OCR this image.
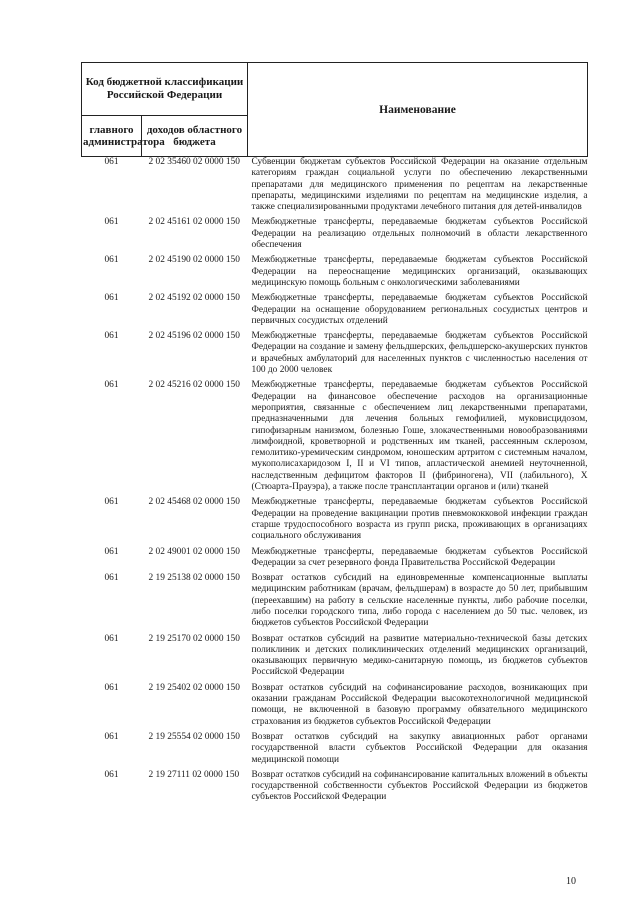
Код бюджетной классификации Российской Федерации		Наименование
главного администратора	доходов областного бюджета	
061	2 02 35460 02 0000 150	Субвенции бюджетам субъектов Российской Федерации на оказание отдельным категориям граждан социальной услуги по обеспечению лекарственными препаратами для медицинского применения по рецептам на лекарственные препараты, медицинскими изделиями по рецептам на медицинские изделия, а также специализированными продуктами лечебного питания для детей-инвалидов
061	2 02 45161 02 0000 150	Межбюджетные трансферты, передаваемые бюджетам субъектов Российской Федерации на реализацию отдельных полномочий в области лекарственного обеспечения
061	2 02 45190 02 0000 150	Межбюджетные трансферты, передаваемые бюджетам субъектов Российской Федерации на переоснащение медицинских организаций, оказывающих медицинскую помощь больным с онкологическими заболеваниями
061	2 02 45192 02 0000 150	Межбюджетные трансферты, передаваемые бюджетам субъектов Российской Федерации на оснащение оборудованием региональных сосудистых центров и первичных сосудистых отделений
061	2 02 45196 02 0000 150	Межбюджетные трансферты, передаваемые бюджетам субъектов Российской Федерации на создание и замену фельдшерских, фельдшерско-акушерских пунктов и врачебных амбулаторий для населенных пунктов с численностью населения от 100 до 2000 человек
061	2 02 45216 02 0000 150	Межбюджетные трансферты, передаваемые бюджетам субъектов Российской Федерации на финансовое обеспечение расходов на организационные мероприятия, связанные с обеспечением лиц лекарственными препаратами, предназначенными для лечения больных гемофилией, муковисцидозом, гипофизарным нанизмом, болезнью Гоше, злокачественными новообразованиями лимфоидной, кроветворной и родственных им тканей, рассеянным склерозом, гемолитико-уремическим синдромом, юношеским артритом с системным началом, мукополисахаридозом I, II и VI типов, апластической анемией неуточненной, наследственным дефицитом факторов II (фибриногена), VII (лабильного), X (Стюарта-Прауэра), а также после трансплантации органов и (или) тканей
061	2 02 45468 02 0000 150	Межбюджетные трансферты, передаваемые бюджетам субъектов Российской Федерации на проведение вакцинации против пневмококковой инфекции граждан старше трудоспособного возраста из групп риска, проживающих в организациях социального обслуживания
061	2 02 49001 02 0000 150	Межбюджетные трансферты, передаваемые бюджетам субъектов Российской Федерации за счет резервного фонда Правительства Российской Федерации
061	2 19 25138 02 0000 150	Возврат остатков субсидий на единовременные компенсационные выплаты медицинским работникам (врачам, фельдшерам) в возрасте до 50 лет, прибывшим (переехавшим) на работу в сельские населенные пункты, либо рабочие поселки, либо поселки городского типа, либо города с населением до 50 тыс. человек, из бюджетов субъектов Российской Федерации
061	2 19 25170 02 0000 150	Возврат остатков субсидий на развитие материально-технической базы детских поликлиник и детских поликлинических отделений медицинских организаций, оказывающих первичную медико-санитарную помощь, из бюджетов субъектов Российской Федерации
061	2 19 25402 02 0000 150	Возврат остатков субсидий на софинансирование расходов, возникающих при оказании гражданам Российской Федерации высокотехнологичной медицинской помощи, не включенной в базовую программу обязательного медицинского страхования из бюджетов субъектов Российской Федерации
061	2 19 25554 02 0000 150	Возврат остатков субсидий на закупку авиационных работ органами государственной власти субъектов Российской Федерации для оказания медицинской помощи
061	2 19 27111 02 0000 150	Возврат остатков субсидий на софинансирование капитальных вложений в объекты государственной собственности субъектов Российской Федерации из бюджетов субъектов Российской Федерации
10
